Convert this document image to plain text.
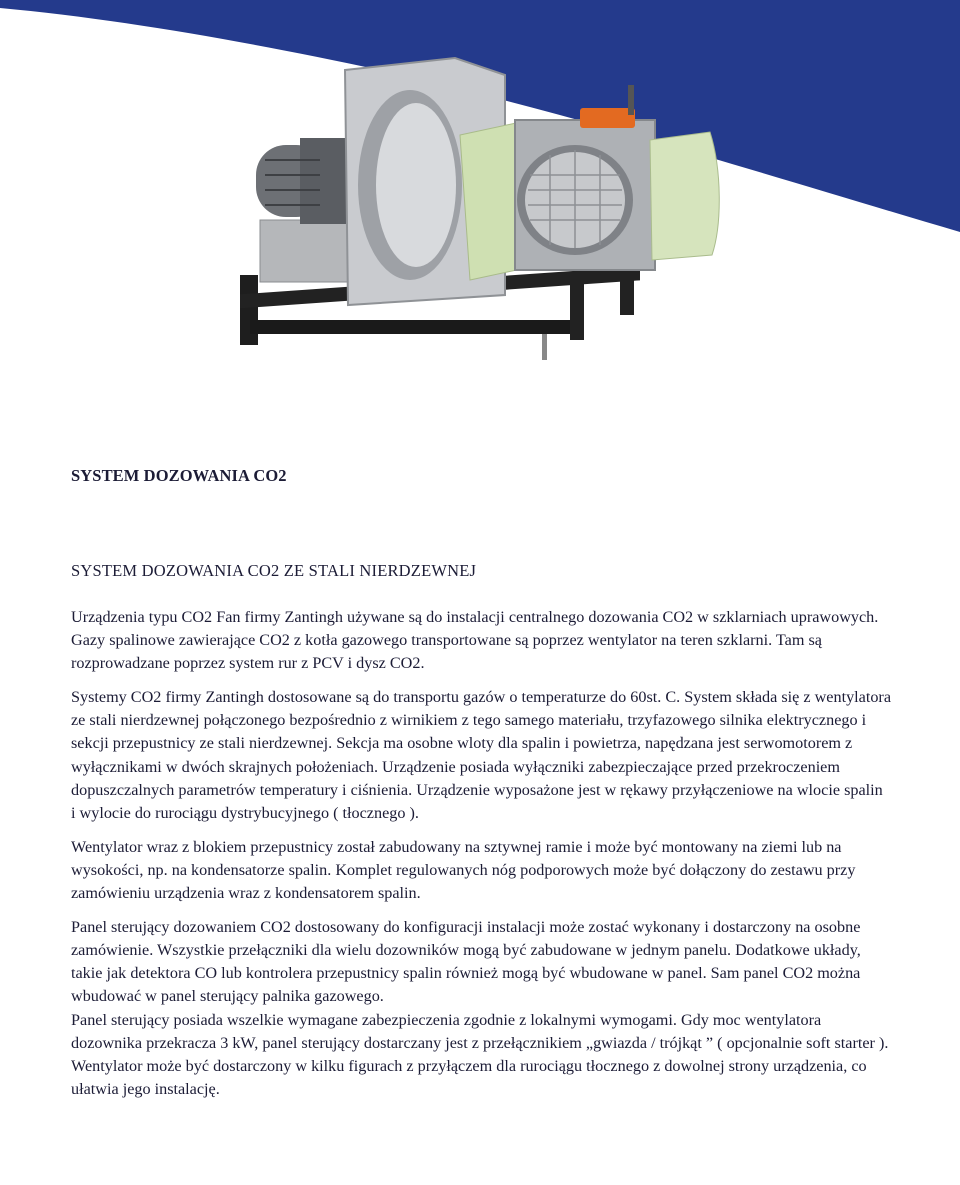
SYSTEM DOZOWANIA CO2
SYSTEM DOZOWANIA CO2 ZE STALI NIERDZEWNEJ

Urządzenia typu CO2 Fan firmy Zantingh używane są do instalacji centralnego dozowania CO2 w szklarniach uprawowych. Gazy spalinowe zawierające CO2 z kotła gazowego transportowane są poprzez wentylator na teren szklarni. Tam są rozprowadzane poprzez system rur z PCV i dysz CO2.

Systemy CO2 firmy Zantingh dostosowane są do transportu gazów o temperaturze do 60st. C. System składa się z wentylatora ze stali nierdzewnej połączonego bezpośrednio z wirnikiem z tego samego materiału, trzyfazowego silnika elektrycznego i sekcji przepustnicy ze stali nierdzewnej. Sekcja ma osobne wloty dla spalin i powietrza, napędzana jest serwomotorem z wyłącznikami w dwóch skrajnych położeniach. Urządzenie posiada wyłączniki zabezpieczające przed przekroczeniem dopuszczalnych parametrów temperatury i ciśnienia. Urządzenie wyposażone jest w rękawy przyłączeniowe na wlocie spalin i wylocie do rurociągu dystrybucyjnego ( tłocznego ).

Wentylator wraz z blokiem przepustnicy został zabudowany na sztywnej ramie i może być montowany na ziemi lub na wysokości, np. na kondensatorze spalin. Komplet regulowanych nóg podporowych może być dołączony do zestawu przy zamówieniu urządzenia wraz z kondensatorem spalin.

Panel sterujący dozowaniem CO2 dostosowany do konfiguracji instalacji może zostać wykonany i dostarczony na osobne zamówienie. Wszystkie przełączniki dla wielu dozowników mogą być zabudowane w jednym panelu. Dodatkowe układy, takie jak detektora CO lub kontrolera przepustnicy spalin również mogą być wbudowane w panel. Sam panel CO2 można wbudować w panel sterujący palnika gazowego.

Panel sterujący posiada wszelkie wymagane zabezpieczenia zgodnie z lokalnymi wymogami. Gdy moc wentylatora dozownika przekracza 3 kW, panel sterujący dostarczany jest z przełącznikiem „gwiazda / trójkąt ” ( opcjonalnie soft starter ). Wentylator może być dostarczony w kilku figurach z przyłączem dla rurociągu tłocznego z dowolnej strony urządzenia, co ułatwia jego instalację.
